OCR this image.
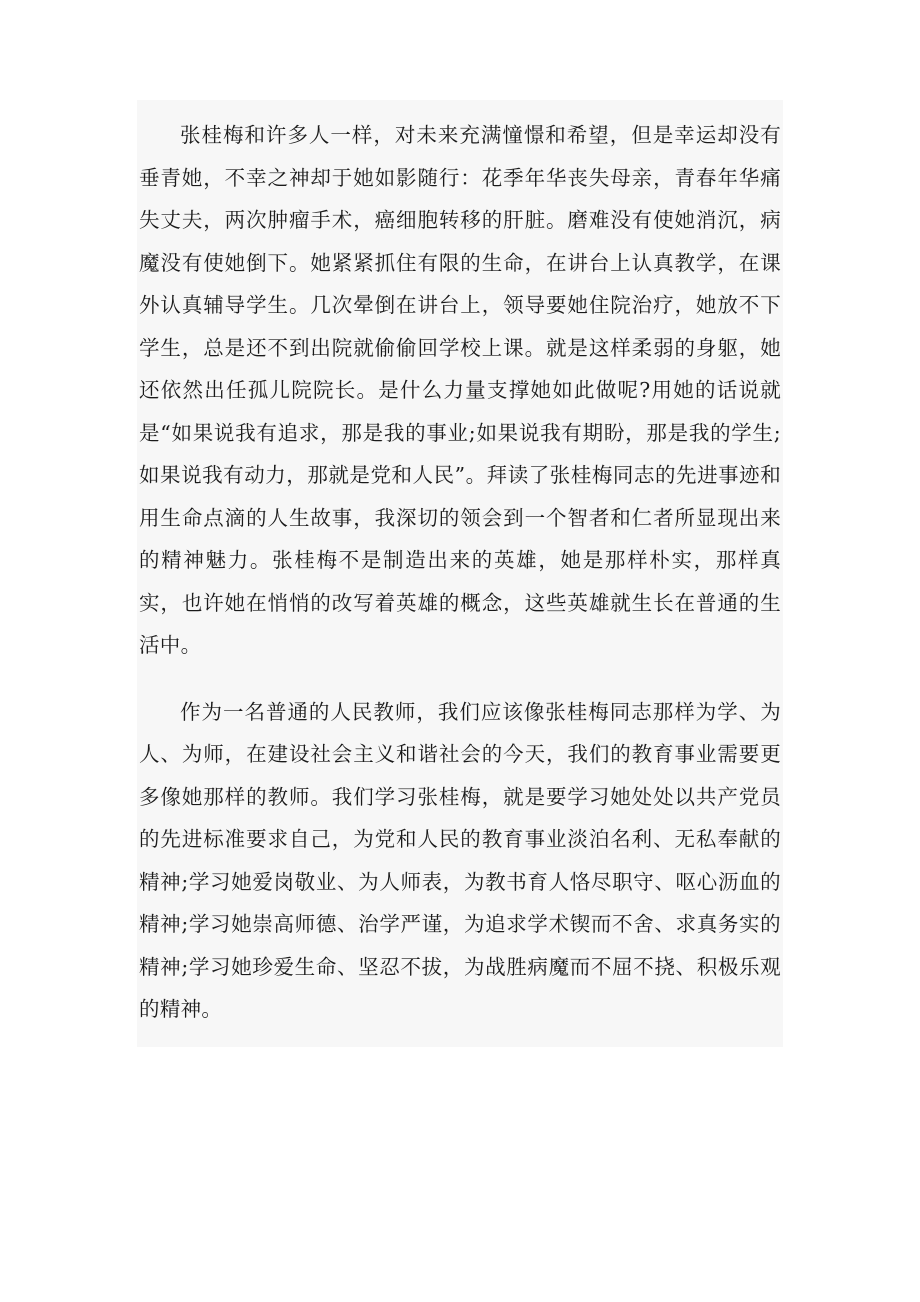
张桂梅和许多人一样，对未来充满憧憬和希望，但是幸运却没有垂青她，不幸之神却于她如影随行：花季年华丧失母亲，青春年华痛失丈夫，两次肿瘤手术，癌细胞转移的肝脏。磨难没有使她消沉，病魔没有使她倒下。她紧紧抓住有限的生命，在讲台上认真教学，在课外认真辅导学生。几次晕倒在讲台上，领导要她住院治疗，她放不下学生，总是还不到出院就偷偷回学校上课。就是这样柔弱的身躯，她还依然出任孤儿院院长。是什么力量支撑她如此做呢?用她的话说就是“如果说我有追求，那是我的事业;如果说我有期盼，那是我的学生;如果说我有动力，那就是党和人民”。拜读了张桂梅同志的先进事迹和用生命点滴的人生故事，我深切的领会到一个智者和仁者所显现出来的精神魅力。张桂梅不是制造出来的英雄，她是那样朴实，那样真实，也许她在悄悄的改写着英雄的概念，这些英雄就生长在普通的生活中。

作为一名普通的人民教师，我们应该像张桂梅同志那样为学、为人、为师，在建设社会主义和谐社会的今天，我们的教育事业需要更多像她那样的教师。我们学习张桂梅，就是要学习她处处以共产党员的先进标准要求自己，为党和人民的教育事业淡泊名利、无私奉献的精神;学习她爱岗敬业、为人师表，为教书育人恪尽职守、呕心沥血的精神;学习她崇高师德、治学严谨，为追求学术锲而不舍、求真务实的精神;学习她珍爱生命、坚忍不拔，为战胜病魔而不屈不挠、积极乐观的精神。
